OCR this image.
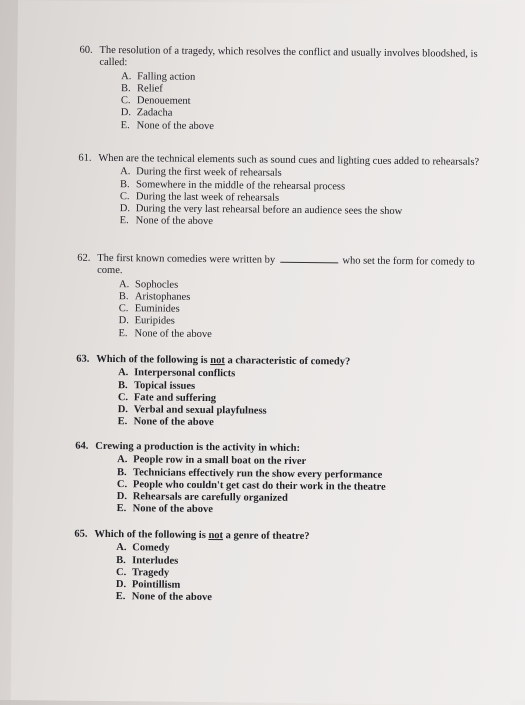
60. The resolution of a tragedy, which resolves the conflict and usually involves bloodshed, is called:
A. Falling action
B. Relief
C. Denouement
D. Zadacha
E. None of the above
61. When are the technical elements such as sound cues and lighting cues added to rehearsals?
A. During the first week of rehearsals
B. Somewhere in the middle of the rehearsal process
C. During the last week of rehearsals
D. During the very last rehearsal before an audience sees the show
E. None of the above
62. The first known comedies were written by	who set the form for comedy to come.
A. Sophocles
B. Aristophanes
C. Euminides
D. Euripides
E. None of the above
63. Which of the following is not a characteristic of comedy?
A. Interpersonal conflicts
B. Topical issues
C. Fate and suffering
D. Verbal and sexual playfulness
E. None of the above
64. Crewing a production is the activity in which:
A. People row in a small boat on the river
B. Technicians effectively run the show every performance
C. People who couldn't get cast do their work in the theatre
D. Rehearsals are carefully organized
E. None of the above
65. Which of the following is not a genre of theatre?
A. Comedy
B. Interludes
C. Tragedy
D. Pointillism
E. None of the above
